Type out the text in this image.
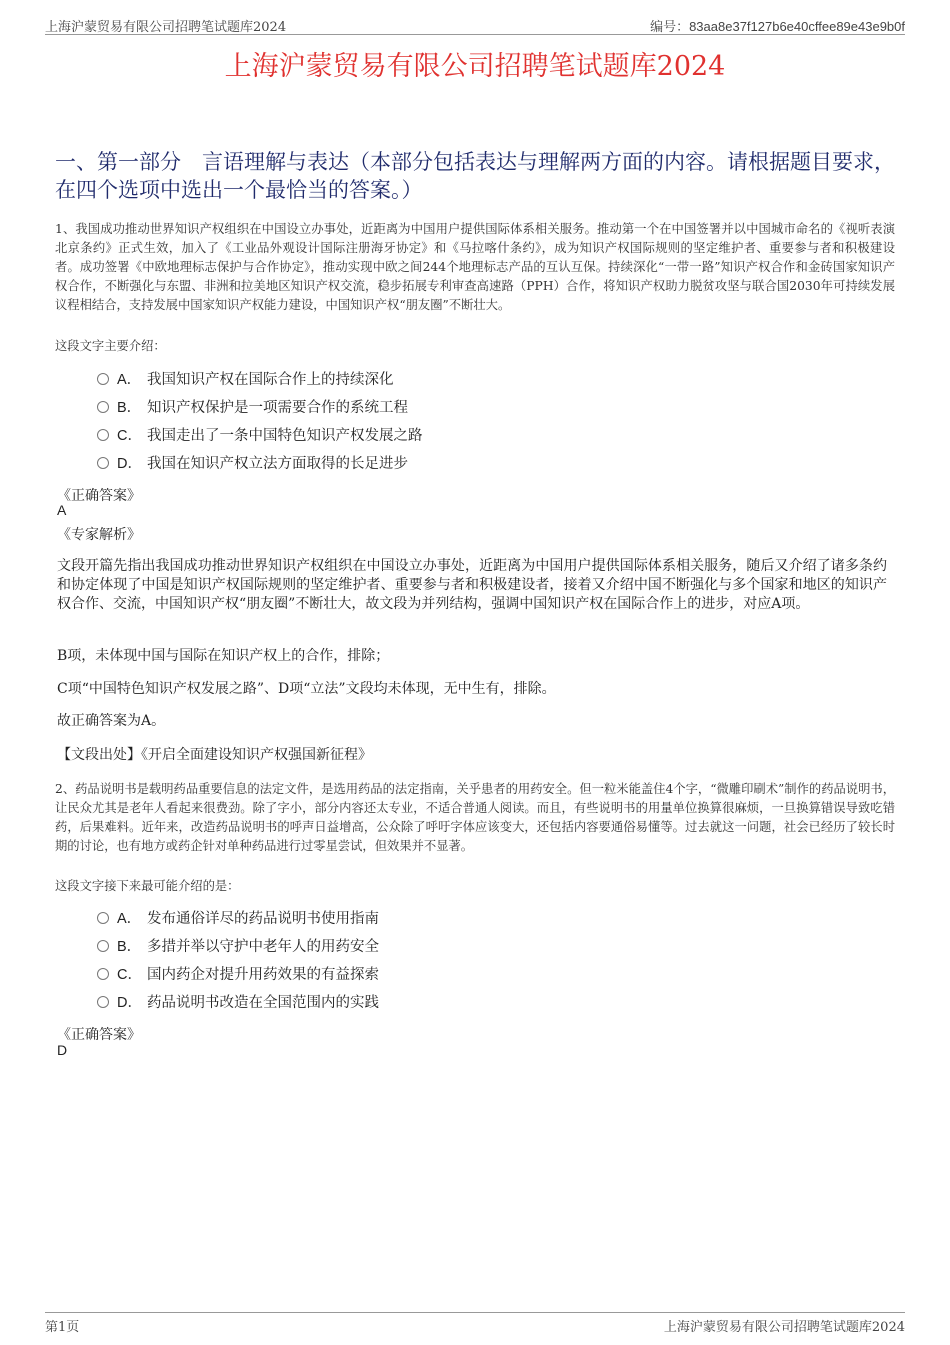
上海沪蒙贸易有限公司招聘笔试题库2024	编号：83aa8e37f127b6e40cffee89e43e9b0f
上海沪蒙贸易有限公司招聘笔试题库2024
一、第一部分　言语理解与表达（本部分包括表达与理解两方面的内容。请根据题目要求，在四个选项中选出一个最恰当的答案。）
1、我国成功推动世界知识产权组织在中国设立办事处，近距离为中国用户提供国际体系相关服务。推动第一个在中国签署并以中国城市命名的《视听表演北京条约》正式生效，加入了《工业品外观设计国际注册海牙协定》和《马拉喀什条约》，成为知识产权国际规则的坚定维护者、重要参与者和积极建设者。成功签署《中欧地理标志保护与合作协定》，推动实现中欧之间244个地理标志产品的互认互保。持续深化“一带一路”知识产权合作和金砖国家知识产权合作，不断强化与东盟、非洲和拉美地区知识产权交流，稳步拓展专利审查高速路（PPH）合作，将知识产权助力脱贫攻坚与联合国2030年可持续发展议程相结合，支持发展中国家知识产权能力建设，中国知识产权“朋友圈”不断壮大。
这段文字主要介绍：
A． 我国知识产权在国际合作上的持续深化
B． 知识产权保护是一项需要合作的系统工程
C． 我国走出了一条中国特色知识产权发展之路
D． 我国在知识产权立法方面取得的长足进步
《正确答案》
A
《专家解析》
文段开篇先指出我国成功推动世界知识产权组织在中国设立办事处，近距离为中国用户提供国际体系相关服务，随后又介绍了诸多条约和协定体现了中国是知识产权国际规则的坚定维护者、重要参与者和积极建设者，接着又介绍中国不断强化与多个国家和地区的知识产权合作、交流，中国知识产权“朋友圈”不断壮大，故文段为并列结构，强调中国知识产权在国际合作上的进步，对应A项。
B项，未体现中国与国际在知识产权上的合作，排除；
C项“中国特色知识产权发展之路”、D项“立法”文段均未体现，无中生有，排除。
故正确答案为A。
【文段出处】《开启全面建设知识产权强国新征程》
2、药品说明书是载明药品重要信息的法定文件，是选用药品的法定指南，关乎患者的用药安全。但一粒米能盖住4个字，“微雕印刷术”制作的药品说明书，让民众尤其是老年人看起来很费劲。除了字小，部分内容还太专业，不适合普通人阅读。而且，有些说明书的用量单位换算很麻烦，一旦换算错误导致吃错药，后果难料。近年来，改造药品说明书的呼声日益增高，公众除了呼吁字体应该变大，还包括内容要通俗易懂等。过去就这一问题，社会已经历了较长时期的讨论，也有地方或药企针对单种药品进行过零星尝试，但效果并不显著。
这段文字接下来最可能介绍的是：
A． 发布通俗详尽的药品说明书使用指南
B． 多措并举以守护中老年人的用药安全
C． 国内药企对提升用药效果的有益探索
D． 药品说明书改造在全国范围内的实践
《正确答案》
D
第1页	上海沪蒙贸易有限公司招聘笔试题库2024
